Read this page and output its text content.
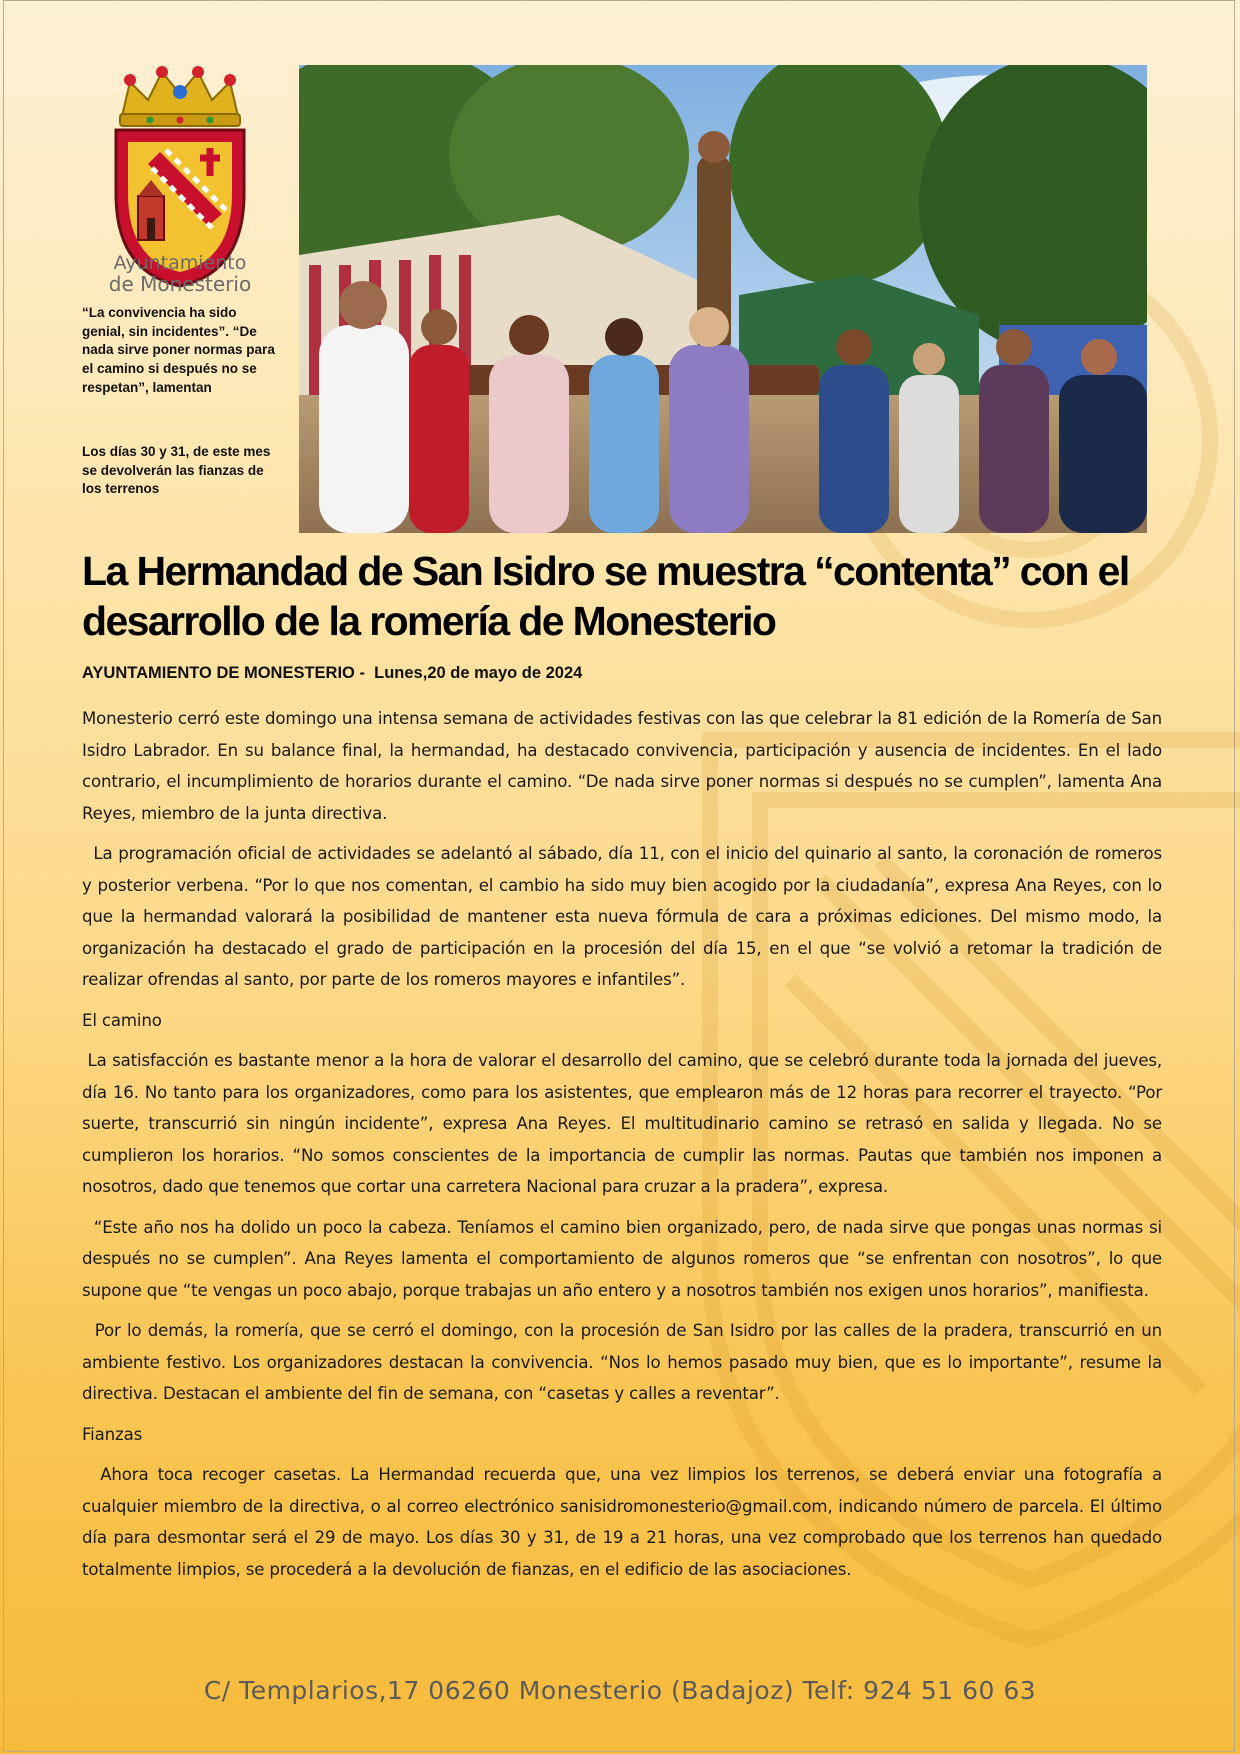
Ayuntamiento
de Monesterio
“La convivencia ha sido genial, sin incidentes”. “De nada sirve poner normas para el camino si después no se respetan”, lamentan
Los días 30 y 31, de este mes se devolverán las fianzas de los terrenos
La Hermandad de San Isidro se muestra “contenta” con el desarrollo de la romería de Monesterio
AYUNTAMIENTO DE MONESTERIO -  Lunes,20 de mayo de 2024

Monesterio cerró este domingo una intensa semana de actividades festivas con las que celebrar la 81 edición de la Romería de San Isidro Labrador. En su balance final, la hermandad, ha destacado convivencia, participación y ausencia de incidentes. En el lado contrario, el incumplimiento de horarios durante el camino. “De nada sirve poner normas si después no se cumplen”, lamenta Ana Reyes, miembro de la junta directiva.

La programación oficial de actividades se adelantó al sábado, día 11, con el inicio del quinario al santo, la coronación de romeros y posterior verbena. “Por lo que nos comentan, el cambio ha sido muy bien acogido por la ciudadanía”, expresa Ana Reyes, con lo que la hermandad valorará la posibilidad de mantener esta nueva fórmula de cara a próximas ediciones. Del mismo modo, la organización ha destacado el grado de participación en la procesión del día 15, en el que “se volvió a retomar la tradición de realizar ofrendas al santo, por parte de los romeros mayores e infantiles”.

El camino

La satisfacción es bastante menor a la hora de valorar el desarrollo del camino, que se celebró durante toda la jornada del jueves, día 16. No tanto para los organizadores, como para los asistentes, que emplearon más de 12 horas para recorrer el trayecto. “Por suerte, transcurrió sin ningún incidente”, expresa Ana Reyes. El multitudinario camino se retrasó en salida y llegada. No se cumplieron los horarios. “No somos conscientes de la importancia de cumplir las normas. Pautas que también nos imponen a nosotros, dado que tenemos que cortar una carretera Nacional para cruzar a la pradera”, expresa.

“Este año nos ha dolido un poco la cabeza. Teníamos el camino bien organizado, pero, de nada sirve que pongas unas normas si después no se cumplen”. Ana Reyes lamenta el comportamiento de algunos romeros que “se enfrentan con nosotros”, lo que supone que “te vengas un poco abajo, porque trabajas un año entero y a nosotros también nos exigen unos horarios”, manifiesta.

Por lo demás, la romería, que se cerró el domingo, con la procesión de San Isidro por las calles de la pradera, transcurrió en un ambiente festivo. Los organizadores destacan la convivencia. “Nos lo hemos pasado muy bien, que es lo importante”, resume la directiva. Destacan el ambiente del fin de semana, con “casetas y calles a reventar”.

Fianzas

Ahora toca recoger casetas. La Hermandad recuerda que, una vez limpios los terrenos, se deberá enviar una fotografía a cualquier miembro de la directiva, o al correo electrónico sanisidromonesterio@gmail.com, indicando número de parcela. El último día para desmontar será el 29 de mayo. Los días 30 y 31, de 19 a 21 horas, una vez comprobado que los terrenos han quedado totalmente limpios, se procederá a la devolución de fianzas, en el edificio de las asociaciones.

C/ Templarios,17 06260 Monesterio (Badajoz) Telf: 924 51 60 63
